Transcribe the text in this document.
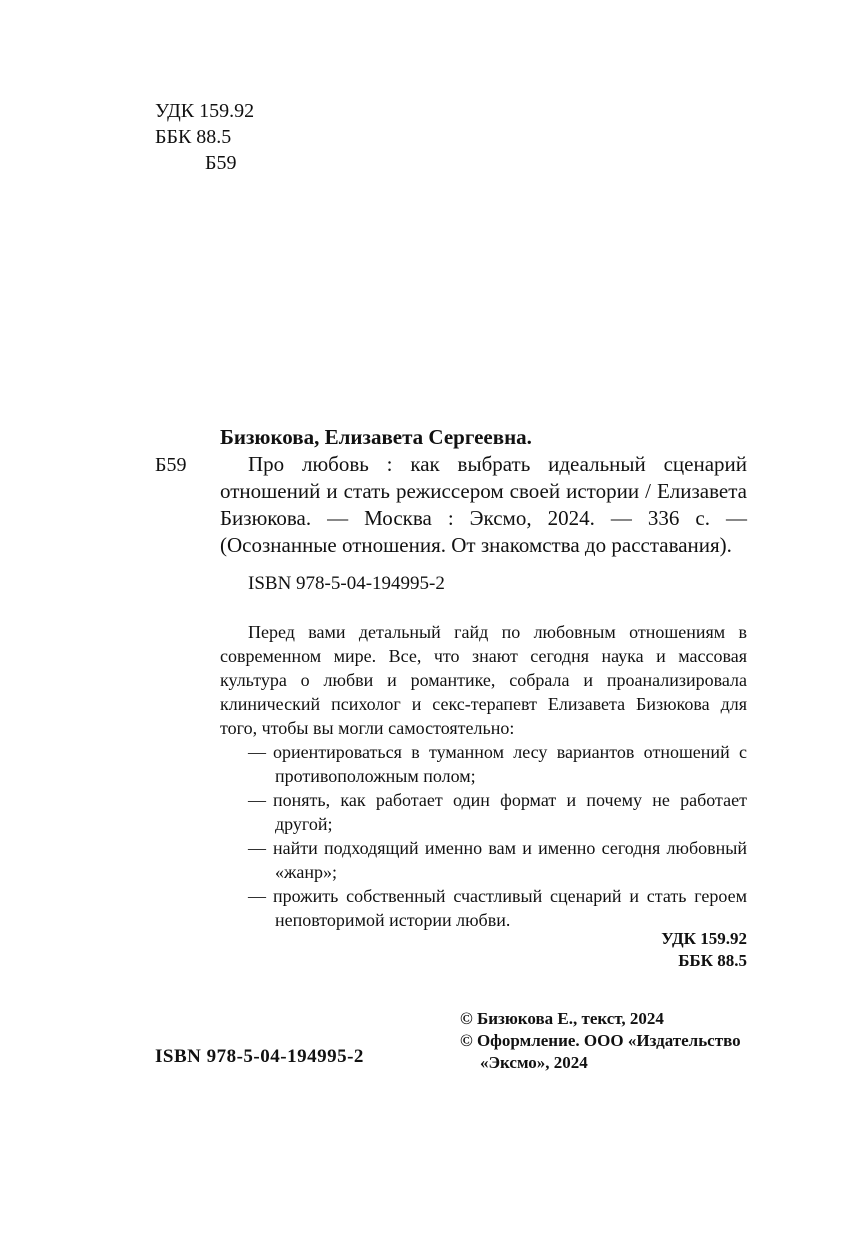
УДК 159.92
ББК 88.5
Б59

Бизюкова, Елизавета Сергеевна.

Б59	Про любовь : как выбрать идеальный сценарий отношений и стать режиссером своей истории / Елизавета Бизюкова. — Москва : Эксмо, 2024. — 336 с. — (Осознанные отношения. От знакомства до расставания).

ISBN 978-5-04-194995-2

Перед вами детальный гайд по любовным отношениям в современном мире. Все, что знают сегодня наука и массовая культура о любви и романтике, собрала и проанализировала клинический психолог и секс-терапевт Елизавета Бизюкова для того, чтобы вы могли самостоятельно:

— ориентироваться в туманном лесу вариантов отношений с противоположным полом;
— понять, как работает один формат и почему не работает другой;
— найти подходящий именно вам и именно сегодня любовный «жанр»;
— прожить собственный счастливый сценарий и стать героем неповторимой истории любви.
УДК 159.92
ББК 88.5

© Бизюкова Е., текст, 2024

© Оформление. ООО «Издательство «Эксмо», 2024

ISBN 978-5-04-194995-2
